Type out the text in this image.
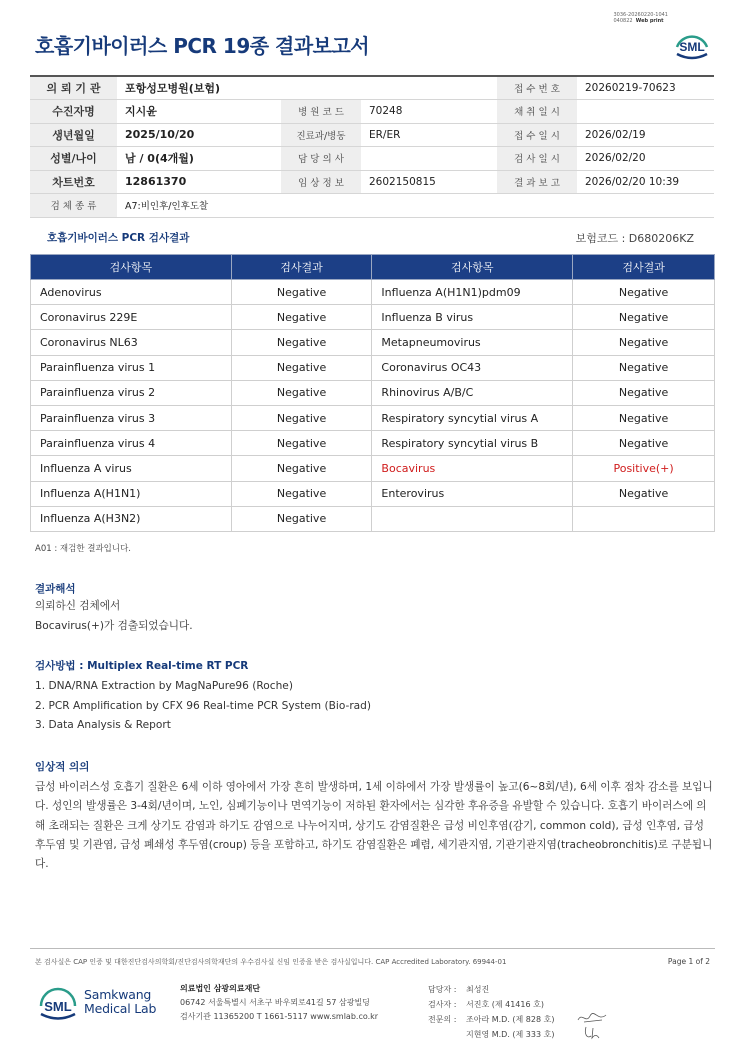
3036-20260220-1041
040822 Web print
호흡기바이러스 PCR 19종 결과보고서	SML
의 뢰 기 관	포항성모병원(보험)			접 수 번 호	20260219-70623
수진자명	지시윤	병 원 코 드	70248	채 취 일 시	
생년월일	2025/10/20	진료과/병동	ER/ER	접 수 일 시	2026/02/19
성별/나이	남 / 0(4개월)	담 당 의 사		검 사 일 시	2026/02/20
차트번호	12861370	임 상 정 보	2602150815	결 과 보 고	2026/02/20 10:39
검 체 종 류	A7:비인후/인후도찰				
호흡기바이러스 PCR 검사결과	보험코드 : D680206KZ
검사항목	검사결과	검사항목	검사결과
Adenovirus	Negative	Influenza A(H1N1)pdm09	Negative
Coronavirus 229E	Negative	Influenza B virus	Negative
Coronavirus NL63	Negative	Metapneumovirus	Negative
Parainfluenza virus 1	Negative	Coronavirus OC43	Negative
Parainfluenza virus 2	Negative	Rhinovirus A/B/C	Negative
Parainfluenza virus 3	Negative	Respiratory syncytial virus A	Negative
Parainfluenza virus 4	Negative	Respiratory syncytial virus B	Negative
Influenza A virus	Negative	Bocavirus	Positive(+)
Influenza A(H1N1)	Negative	Enterovirus	Negative
Influenza A(H3N2)	Negative		
A01 : 재검한 결과입니다.
결과해석
의뢰하신 검체에서
Bocavirus(+)가 검출되었습니다.
검사방법 : Multiplex Real-time RT PCR
1. DNA/RNA Extraction by MagNaPure96 (Roche)
2. PCR Amplification by CFX 96 Real-time PCR System (Bio-rad)
3. Data Analysis & Report
임상적 의의
급성 바이러스성 호흡기 질환은 6세 이하 영아에서 가장 흔히 발생하며, 1세 이하에서 가장 발생률이 높고(6~8회/년), 6세 이후 점차 감소를 보입니다. 성인의 발생률은 3-4회/년이며, 노인, 심폐기능이나 면역기능이 저하된 환자에서는 심각한 후유증을 유발할 수 있습니다. 호흡기 바이러스에 의해 초래되는 질환은 크게 상기도 감염과 하기도 감염으로 나누어지며, 상기도 감염질환은 급성 비인후염(감기, common cold), 급성 인후염, 급성 후두염 및 기관염, 급성 폐쇄성 후두염(croup) 등을 포함하고, 하기도 감염질환은 폐렴, 세기관지염, 기관기관지염(tracheobronchitis)로 구분됩니다.
본 검사실은 CAP 인증 및 대한진단검사의학회/진단검사의학재단의 우수검사실 신임 인증을 받은 검사실입니다. CAP Accredited Laboratory. 69944-01	Page 1 of 2
SML
Samkwang
Medical Lab
의료법인 삼광의료재단
06742 서울특별시 서초구 바우뫼로41길 57 삼광빌딩
검사기관 11365200 T 1661-5117 www.smlab.co.kr
담당자 :	최성진
검사자 :	서진호 (제 41416 호)
전문의 :	조아라 M.D. (제 828 호)
지현영 M.D. (제 333 호)
